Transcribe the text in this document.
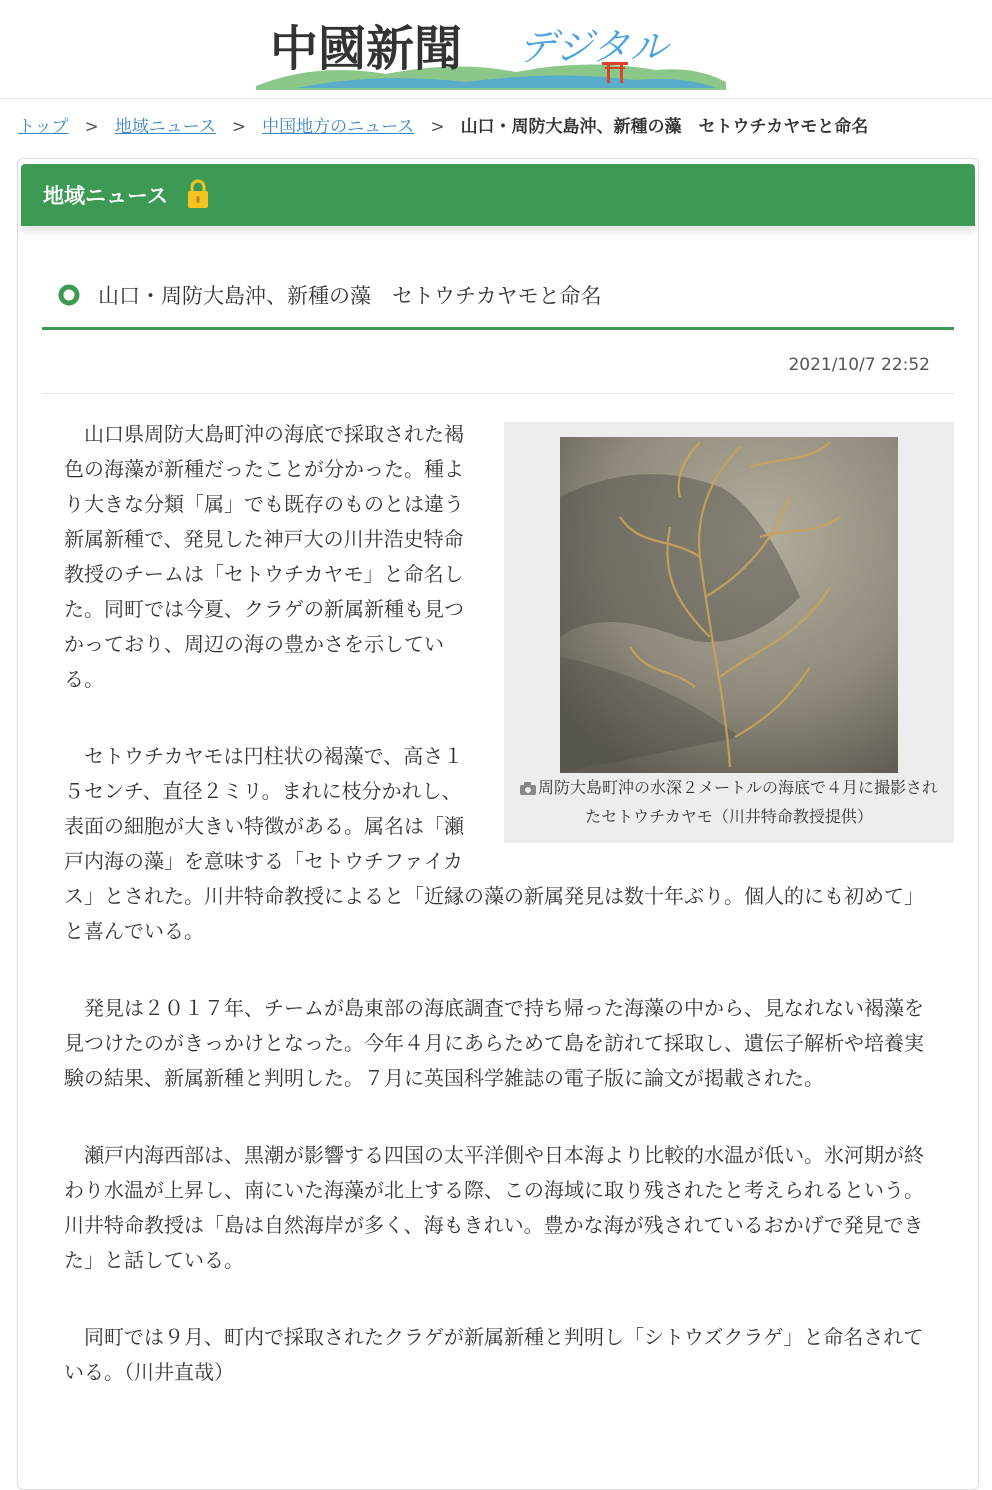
中國新聞 デジタル
トップ > 地域ニュース > 中国地方のニュース > 山口・周防大島沖、新種の藻　セトウチカヤモと命名
地域ニュース
山口・周防大島沖、新種の藻　セトウチカヤモと命名
2021/10/7 22:52
周防大島町沖の水深２メートルの海底で４月に撮影されたセトウチカヤモ（川井特命教授提供）

山口県周防大島町沖の海底で採取された褐色の海藻が新種だったことが分かった。種より大きな分類「属」でも既存のものとは違う新属新種で、発見した神戸大の川井浩史特命教授のチームは「セトウチカヤモ」と命名した。同町では今夏、クラゲの新属新種も見つかっており、周辺の海の豊かさを示している。

セトウチカヤモは円柱状の褐藻で、高さ１５センチ、直径２ミリ。まれに枝分かれし、表面の細胞が大きい特徴がある。属名は「瀬戸内海の藻」を意味する「セトウチファイカス」とされた。川井特命教授によると「近縁の藻の新属発見は数十年ぶり。個人的にも初めて」と喜んでいる。

発見は２０１７年、チームが島東部の海底調査で持ち帰った海藻の中から、見なれない褐藻を見つけたのがきっかけとなった。今年４月にあらためて島を訪れて採取し、遺伝子解析や培養実験の結果、新属新種と判明した。７月に英国科学雑誌の電子版に論文が掲載された。

瀬戸内海西部は、黒潮が影響する四国の太平洋側や日本海より比較的水温が低い。氷河期が終わり水温が上昇し、南にいた海藻が北上する際、この海域に取り残されたと考えられるという。川井特命教授は「島は自然海岸が多く、海もきれい。豊かな海が残されているおかげで発見できた」と話している。

同町では９月、町内で採取されたクラゲが新属新種と判明し「シトウズクラゲ」と命名されている。（川井直哉）
